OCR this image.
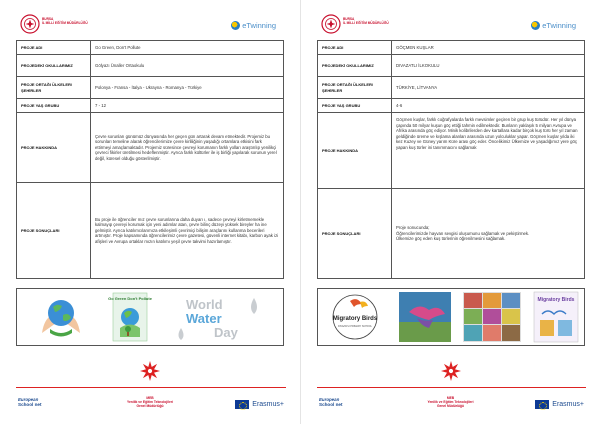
BURSA
İL MİLLİ EĞİTİM MÜDÜRLÜĞÜ	eTwinning
PROJE ADI	Go Green, Don't Pollute
PROJEDEKİ OKULLARIMIZ	Gölyazı Ünaller Ortaokulu
PROJE ORTAĞI ÜLKELER/ŞEHİRLER	Polonya - Fransa - İtalya - Ukrayna - Romanya - Türkiye
PROJE YAŞ GRUBU	7 - 12
PROJE HAKKINDA	Çevre sorunları günümüz dünyasında her geçen gün artarak devam etmektedir. Projemiz bu sorunları temeline alarak öğrencilerimize çevre kirliliğinin yaşadığı ortamlara etkisini fark ettirmeyi amaçlamaktadır. Projemiz süresince çevreyi korumanın farklı yolları araştırılıp yenilikçi çevreci fikirler üretilmesi hedeflenmiştir. Ayrıca farklı kültürler ile iş birliği yapılarak sorunun yerel değil, küresel olduğu gösterilmiştir.
PROJE SONUÇLARI	Bu proje ile öğrenciler mız çevre sorunlarına daha duyarı ı, sadece çevreyi kirletmemekle kalmayıp çevreyi korumak için yeni adımlar atan, çevre bilinç düzeyi yüksek bireyler ha ine gelmiştir. Ayrıca katılımcılarımıza etkileşimli çevrimiçi bilişim araçlarını kullanma becerileri artmıştır. Proje kapsamında öğrencilerimiz çevre gazetesi, güvenli internet kitabı, karbon ayak izi afişleri ve Avrupa ortaklar mızın katılımı yeşil çevre takvimi hazırlamıştır.
Go Green Don't Pollute	World
Water
Day
European
School net
MEB
Yenilik ve Eğitim Teknolojileri
Genel Müdürlüğü	Erasmus+
BURSA
İL MİLLİ EĞİTİM MÜDÜRLÜĞÜ	eTwinning
PROJE ADI	GÖÇMEN KUŞLAR
PROJEDEKİ OKULLARIMIZ	DIVAZATLI İLKOKULU
PROJE ORTAĞI ÜLKELER/ŞEHİRLER	TÜRKİYE, LİTVANYA
PROJE YAŞ GRUBU	4-6
PROJE HAKKINDA	Göçmen kuşlar, farklı coğrafyalarda farklı mevsimler geçiren bir grup kuş türüdür. Her yıl dünya çapında 50 milyar kuşun göç ettiği tahmin edilmektedir. Bunların yaklaşık 5 milyarı Avrupa ve Afrika arasında göç ediyor. Minik kolibrilerden dev kartallara kadar birçok kuş türü her yıl zaman geldiğinde üreme ve kışlama alanları arasında uzun yolculuklar yapar. Göçmen kuşlar yılda iki kez Kuzey ve Güney yarım Küre arası göç eder. Öncelikimiz Ülkemize ve yaşadığımız yere göç yapan kuş türler ini tanımmacını sağlamak
PROJE SONUÇLARI	Proje sonucunda;
Öğrencilerimizde hayvan sevgisi oluşumunu sağlamak ve pekiştirmek.
Ülkemize göç eden kuş türlerinin öğrenilmesini sağlamak.
Migratory Birds
DIVAZATLI PRIMARY SCHOOL
Migratory Birds
European
School net
MEB
Yenilik ve Eğitim Teknolojileri
Genel Müdürlüğü	Erasmus+
